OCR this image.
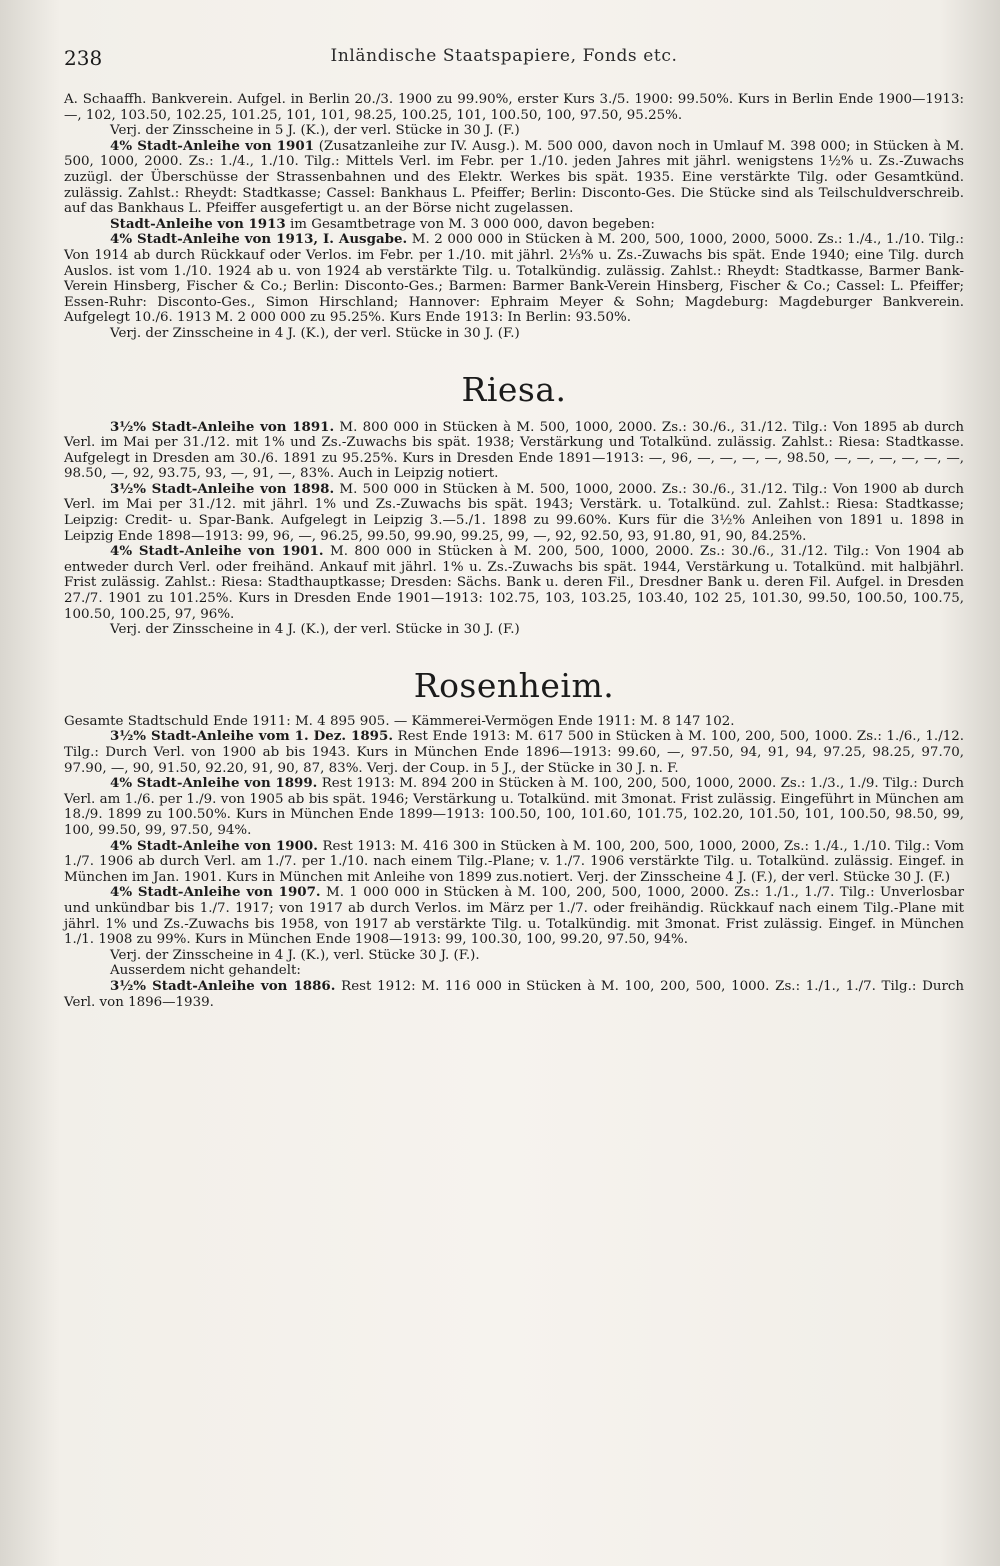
238	Inländische Staatspapiere, Fonds etc.

A. Schaaffh. Bankverein. Aufgel. in Berlin 20./3. 1900 zu 99.90%, erster Kurs 3./5. 1900: 99.50%. Kurs in Berlin Ende 1900—1913: —, 102, 103.50, 102.25, 101.25, 101, 101, 98.25, 100.25, 101, 100.50, 100, 97.50, 95.25%.

Verj. der Zinsscheine in 5 J. (K.), der verl. Stücke in 30 J. (F.)

4% Stadt-Anleihe von 1901 (Zusatzanleihe zur IV. Ausg.). M. 500 000, davon noch in Umlauf M. 398 000; in Stücken à M. 500, 1000, 2000. Zs.: 1./4., 1./10. Tilg.: Mittels Verl. im Febr. per 1./10. jeden Jahres mit jährl. wenigstens 1½% u. Zs.-Zuwachs zuzügl. der Überschüsse der Strassenbahnen und des Elektr. Werkes bis spät. 1935. Eine verstärkte Tilg. oder Gesamtkünd. zulässig. Zahlst.: Rheydt: Stadtkasse; Cassel: Bankhaus L. Pfeiffer; Berlin: Disconto-Ges. Die Stücke sind als Teilschuldverschreib. auf das Bankhaus L. Pfeiffer ausgefertigt u. an der Börse nicht zugelassen.

Stadt-Anleihe von 1913 im Gesamtbetrage von M. 3 000 000, davon begeben:

4% Stadt-Anleihe von 1913, I. Ausgabe. M. 2 000 000 in Stücken à M. 200, 500, 1000, 2000, 5000. Zs.: 1./4., 1./10. Tilg.: Von 1914 ab durch Rückkauf oder Verlos. im Febr. per 1./10. mit jährl. 2⅓% u. Zs.-Zuwachs bis spät. Ende 1940; eine Tilg. durch Auslos. ist vom 1./10. 1924 ab u. von 1924 ab verstärkte Tilg. u. Totalkündig. zulässig. Zahlst.: Rheydt: Stadtkasse, Barmer Bank-Verein Hinsberg, Fischer & Co.; Berlin: Disconto-Ges.; Barmen: Barmer Bank-Verein Hinsberg, Fischer & Co.; Cassel: L. Pfeiffer; Essen-Ruhr: Disconto-Ges., Simon Hirschland; Hannover: Ephraim Meyer & Sohn; Magdeburg: Magdeburger Bankverein. Aufgelegt 10./6. 1913 M. 2 000 000 zu 95.25%. Kurs Ende 1913: In Berlin: 93.50%.

Verj. der Zinsscheine in 4 J. (K.), der verl. Stücke in 30 J. (F.)

Riesa.

3½% Stadt-Anleihe von 1891. M. 800 000 in Stücken à M. 500, 1000, 2000. Zs.: 30./6., 31./12. Tilg.: Von 1895 ab durch Verl. im Mai per 31./12. mit 1% und Zs.-Zuwachs bis spät. 1938; Verstärkung und Totalkünd. zulässig. Zahlst.: Riesa: Stadtkasse. Aufgelegt in Dresden am 30./6. 1891 zu 95.25%. Kurs in Dresden Ende 1891—1913: —, 96, —, —, —, —, 98.50, —, —, —, —, —, —, 98.50, —, 92, 93.75, 93, —, 91, —, 83%. Auch in Leipzig notiert.

3½% Stadt-Anleihe von 1898. M. 500 000 in Stücken à M. 500, 1000, 2000. Zs.: 30./6., 31./12. Tilg.: Von 1900 ab durch Verl. im Mai per 31./12. mit jährl. 1% und Zs.-Zuwachs bis spät. 1943; Verstärk. u. Totalkünd. zul. Zahlst.: Riesa: Stadtkasse; Leipzig: Credit- u. Spar-Bank. Aufgelegt in Leipzig 3.—5./1. 1898 zu 99.60%. Kurs für die 3½% Anleihen von 1891 u. 1898 in Leipzig Ende 1898—1913: 99, 96, —, 96.25, 99.50, 99.90, 99.25, 99, —, 92, 92.50, 93, 91.80, 91, 90, 84.25%.

4% Stadt-Anleihe von 1901. M. 800 000 in Stücken à M. 200, 500, 1000, 2000. Zs.: 30./6., 31./12. Tilg.: Von 1904 ab entweder durch Verl. oder freihänd. Ankauf mit jährl. 1% u. Zs.-Zuwachs bis spät. 1944, Verstärkung u. Totalkünd. mit halbjährl. Frist zulässig. Zahlst.: Riesa: Stadthauptkasse; Dresden: Sächs. Bank u. deren Fil., Dresdner Bank u. deren Fil. Aufgel. in Dresden 27./7. 1901 zu 101.25%. Kurs in Dresden Ende 1901—1913: 102.75, 103, 103.25, 103.40, 102 25, 101.30, 99.50, 100.50, 100.75, 100.50, 100.25, 97, 96%.

Verj. der Zinsscheine in 4 J. (K.), der verl. Stücke in 30 J. (F.)

Rosenheim.

Gesamte Stadtschuld Ende 1911: M. 4 895 905. — Kämmerei-Vermögen Ende 1911: M. 8 147 102.

3½% Stadt-Anleihe vom 1. Dez. 1895. Rest Ende 1913: M. 617 500 in Stücken à M. 100, 200, 500, 1000. Zs.: 1./6., 1./12. Tilg.: Durch Verl. von 1900 ab bis 1943. Kurs in München Ende 1896—1913: 99.60, —, 97.50, 94, 91, 94, 97.25, 98.25, 97.70, 97.90, —, 90, 91.50, 92.20, 91, 90, 87, 83%. Verj. der Coup. in 5 J., der Stücke in 30 J. n. F.

4% Stadt-Anleihe von 1899. Rest 1913: M. 894 200 in Stücken à M. 100, 200, 500, 1000, 2000. Zs.: 1./3., 1./9. Tilg.: Durch Verl. am 1./6. per 1./9. von 1905 ab bis spät. 1946; Verstärkung u. Totalkünd. mit 3monat. Frist zulässig. Eingeführt in München am 18./9. 1899 zu 100.50%. Kurs in München Ende 1899—1913: 100.50, 100, 101.60, 101.75, 102.20, 101.50, 101, 100.50, 98.50, 99, 100, 99.50, 99, 97.50, 94%.

4% Stadt-Anleihe von 1900. Rest 1913: M. 416 300 in Stücken à M. 100, 200, 500, 1000, 2000, Zs.: 1./4., 1./10. Tilg.: Vom 1./7. 1906 ab durch Verl. am 1./7. per 1./10. nach einem Tilg.-Plane; v. 1./7. 1906 verstärkte Tilg. u. Totalkünd. zulässig. Eingef. in München im Jan. 1901. Kurs in München mit Anleihe von 1899 zus.notiert. Verj. der Zinsscheine 4 J. (F.), der verl. Stücke 30 J. (F.)

4% Stadt-Anleihe von 1907. M. 1 000 000 in Stücken à M. 100, 200, 500, 1000, 2000. Zs.: 1./1., 1./7. Tilg.: Unverlosbar und unkündbar bis 1./7. 1917; von 1917 ab durch Verlos. im März per 1./7. oder freihändig. Rückkauf nach einem Tilg.-Plane mit jährl. 1% und Zs.-Zuwachs bis 1958, von 1917 ab verstärkte Tilg. u. Totalkündig. mit 3monat. Frist zulässig. Eingef. in München 1./1. 1908 zu 99%. Kurs in München Ende 1908—1913: 99, 100.30, 100, 99.20, 97.50, 94%.

Verj. der Zinsscheine in 4 J. (K.), verl. Stücke 30 J. (F.).

Ausserdem nicht gehandelt:

3½% Stadt-Anleihe von 1886. Rest 1912: M. 116 000 in Stücken à M. 100, 200, 500, 1000. Zs.: 1./1., 1./7. Tilg.: Durch Verl. von 1896—1939.
